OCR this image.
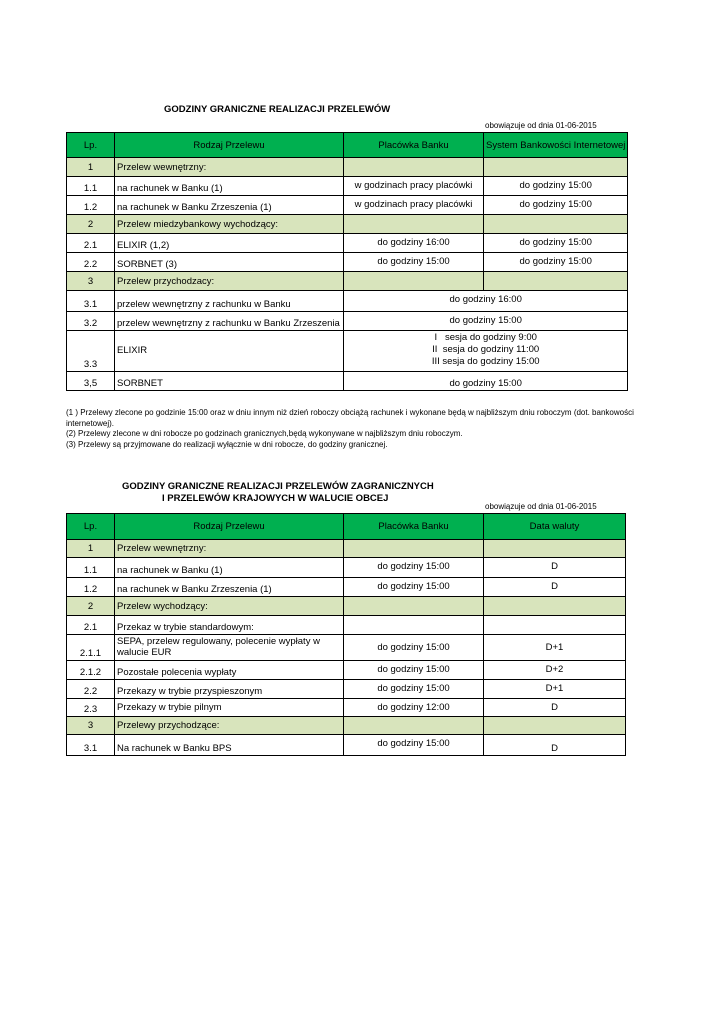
GODZINY GRANICZNE REALIZACJI PRZELEWÓW
obowiązuje od dnia 01-06-2015
Lp.	Rodzaj Przelewu	Placówka Banku	System Bankowości Internetowej
1	Przelew wewnętrzny:		
1.1	na rachunek w Banku (1)	w godzinach pracy placówki	do godziny 15:00
1.2	na rachunek w Banku Zrzeszenia (1)	w godzinach pracy placówki	do godziny 15:00
2	Przelew miedzybankowy wychodzący:		
2.1	ELIXIR (1,2)	do godziny 16:00	do godziny 15:00
2.2	SORBNET (3)	do godziny 15:00	do godziny 15:00
3	Przelew przychodzacy:		
3.1	przelew wewnętrzny z rachunku w Banku	do godziny 16:00	
3.2	przelew wewnętrzny z rachunku w Banku Zrzeszenia	do godziny 15:00	
3.3	ELIXIR	I   sesja do godziny 9:00
II  sesja do godziny 11:00
III sesja do godziny 15:00	

3,5	SORBNET	do godziny 15:00	
(1 ) Przelewy zlecone po godzinie 15:00 oraz w dniu innym niż dzień roboczy obciążą rachunek i wykonane będą w najbliższym dniu roboczym (dot. bankowości internetowej).
(2) Przelewy zlecone w dni robocze po godzinach granicznych,będą wykonywane w najbliższym dniu roboczym.
(3) Przelewy są przyjmowane do realizacji wyłącznie w dni robocze, do godziny granicznej.
GODZINY GRANICZNE REALIZACJI PRZELEWÓW ZAGRANICZNYCH
I PRZELEWÓW KRAJOWYCH W WALUCIE OBCEJ
obowiązuje od dnia 01-06-2015
Lp.	Rodzaj Przelewu	Placówka Banku	Data waluty
1	Przelew wewnętrzny:		
1.1	na rachunek w Banku (1)	do godziny 15:00	D
1.2	na rachunek w Banku Zrzeszenia (1)	do godziny 15:00	D
2	Przelew wychodzący:		
2.1	Przekaz w trybie standardowym:		
2.1.1	SEPA, przelew regulowany, polecenie wypłaty w walucie EUR	do godziny 15:00	D+1
2.1.2	Pozostałe polecenia wypłaty	do godziny 15:00	D+2
2.2	Przekazy w trybie przyspieszonym	do godziny 15:00	D+1
2.3	Przekazy w trybie pilnym	do godziny 12:00	D
3	Przelewy przychodzące:		
3.1	Na rachunek w Banku BPS	do godziny 15:00	D
